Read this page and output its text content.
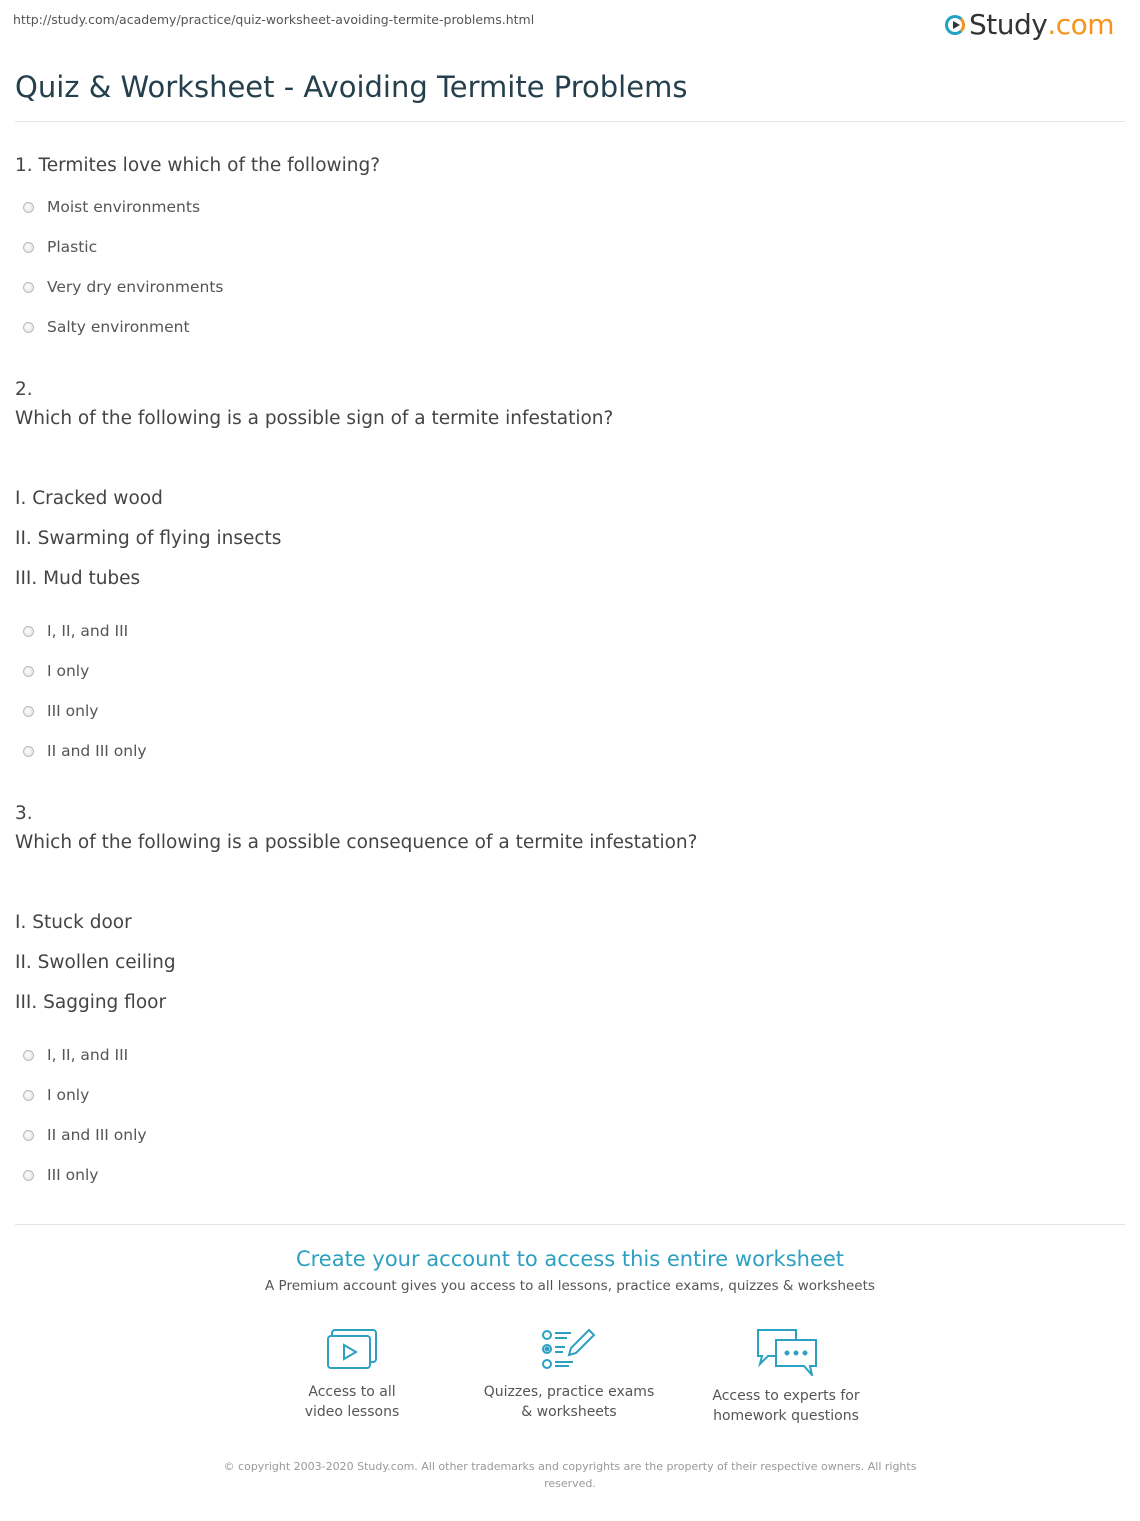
http://study.com/academy/practice/quiz-worksheet-avoiding-termite-problems.html	Study .com
Quiz & Worksheet - Avoiding Termite Problems
1. Termites love which of the following?
Moist environments
Plastic
Very dry environments
Salty environment
2.
Which of the following is a possible sign of a termite infestation?
I. Cracked wood
II. Swarming of flying insects
III. Mud tubes
I, II, and III
I only
III only
II and III only
3.
Which of the following is a possible consequence of a termite infestation?
I. Stuck door
II. Swollen ceiling
III. Sagging floor
I, II, and III
I only
II and III only
III only
Create your account to access this entire worksheet
A Premium account gives you access to all lessons, practice exams, quizzes & worksheets
Access to all
video lessons
Quizzes, practice exams
& worksheets
Access to experts for
homework questions
© copyright 2003-2020 Study.com. All other trademarks and copyrights are the property of their respective owners. All rights reserved.
